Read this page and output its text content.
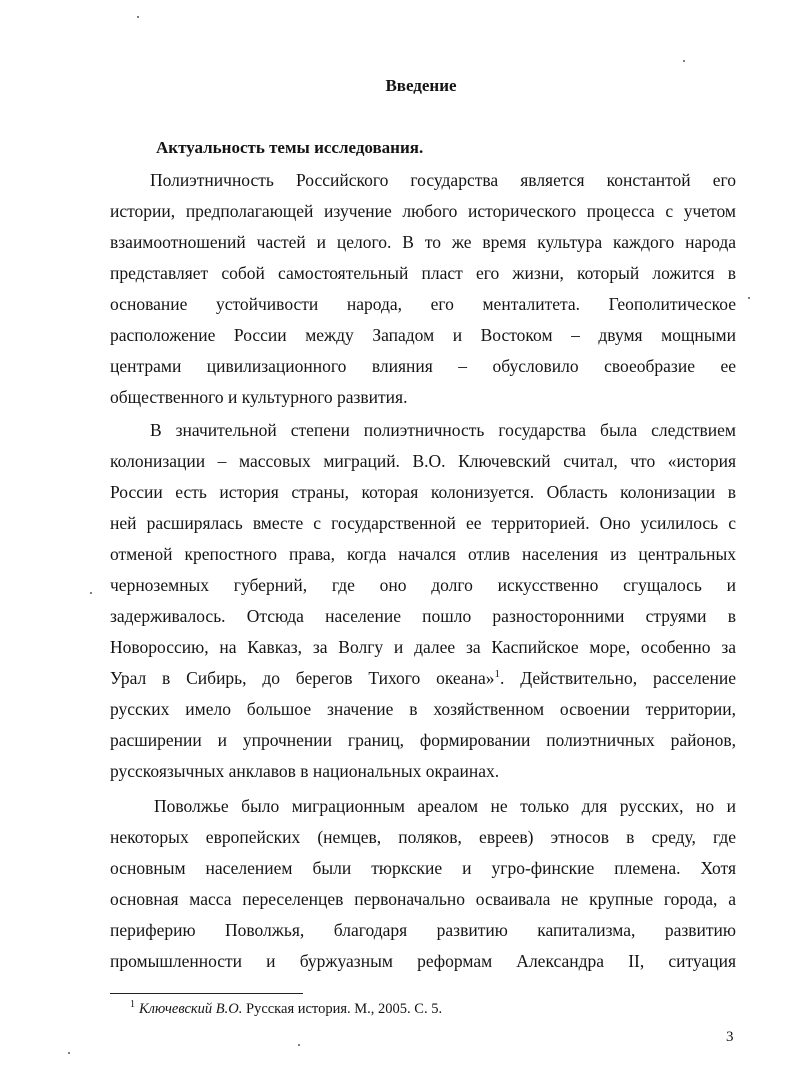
Введение
Актуальность темы исследования.

Полиэтничность Российского государства является константой его

истории, предполагающей изучение любого исторического процесса с учетом

взаимоотношений частей и целого. В то же время культура каждого народа

представляет собой самостоятельный пласт его жизни, который ложится в

основание устойчивости народа, его менталитета. Геополитическое

расположение России между Западом и Востоком – двумя мощными

центрами цивилизационного влияния – обусловило своеобразие ее

общественного и культурного развития.

В значительной степени полиэтничность государства была следствием

колонизации – массовых миграций. В.О. Ключевский считал, что «история

России есть история страны, которая колонизуется. Область колонизации в

ней расширялась вместе с государственной ее территорией. Оно усилилось с

отменой крепостного права, когда начался отлив населения из центральных

черноземных губерний, где оно долго искусственно сгущалось и

задерживалось. Отсюда население пошло разносторонними струями в

Новороссию, на Кавказ, за Волгу и далее за Каспийское море, особенно за

Урал в Сибирь, до берегов Тихого океана»$^1$. Действительно, расселение

русских имело большое значение в хозяйственном освоении территории,

расширении и упрочнении границ, формировании полиэтничных районов,

русскоязычных анклавов в национальных окраинах.

Поволжье было миграционным ареалом не только для русских, но и

некоторых европейских (немцев, поляков, евреев) этносов в среду, где

основным населением были тюркские и угро-финские племена. Хотя

основная масса переселенцев первоначально осваивала не крупные города, а

периферию Поволжья, благодаря развитию капитализма, развитию

промышленности и буржуазным реформам Александра II, ситуация

$^1$ Ключевский В.О. Русская история. М., 2005. С. 5.

3
